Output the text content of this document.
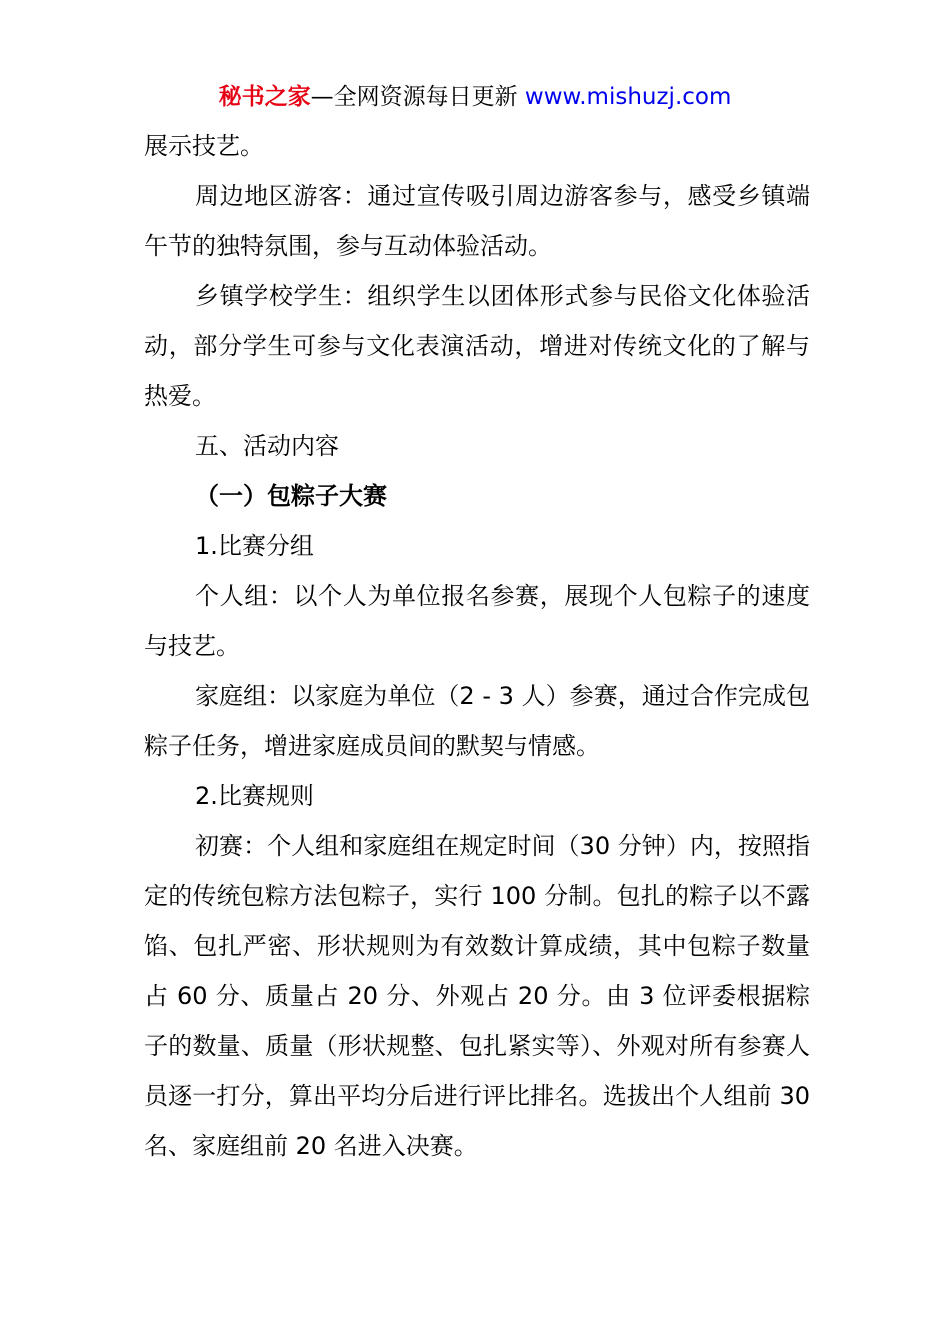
秘书之家—全网资源每日更新 www.mishuzj.com

展示技艺。

周边地区游客：通过宣传吸引周边游客参与，感受乡镇端午节的独特氛围，参与互动体验活动。

乡镇学校学生：组织学生以团体形式参与民俗文化体验活动，部分学生可参与文化表演活动，增进对传统文化的了解与热爱。

五、活动内容

（一）包粽子大赛

1.比赛分组

个人组：以个人为单位报名参赛，展现个人包粽子的速度与技艺。

家庭组：以家庭为单位（2 - 3 人）参赛，通过合作完成包粽子任务，增进家庭成员间的默契与情感。

2.比赛规则

初赛：个人组和家庭组在规定时间（30 分钟）内，按照指定的传统包粽方法包粽子，实行 100 分制。包扎的粽子以不露馅、包扎严密、形状规则为有效数计算成绩，其中包粽子数量占 60 分、质量占 20 分、外观占 20 分。由 3 位评委根据粽子的数量、质量（形状规整、包扎紧实等）、外观对所有参赛人员逐一打分，算出平均分后进行评比排名。选拔出个人组前 30 名、家庭组前 20 名进入决赛。
